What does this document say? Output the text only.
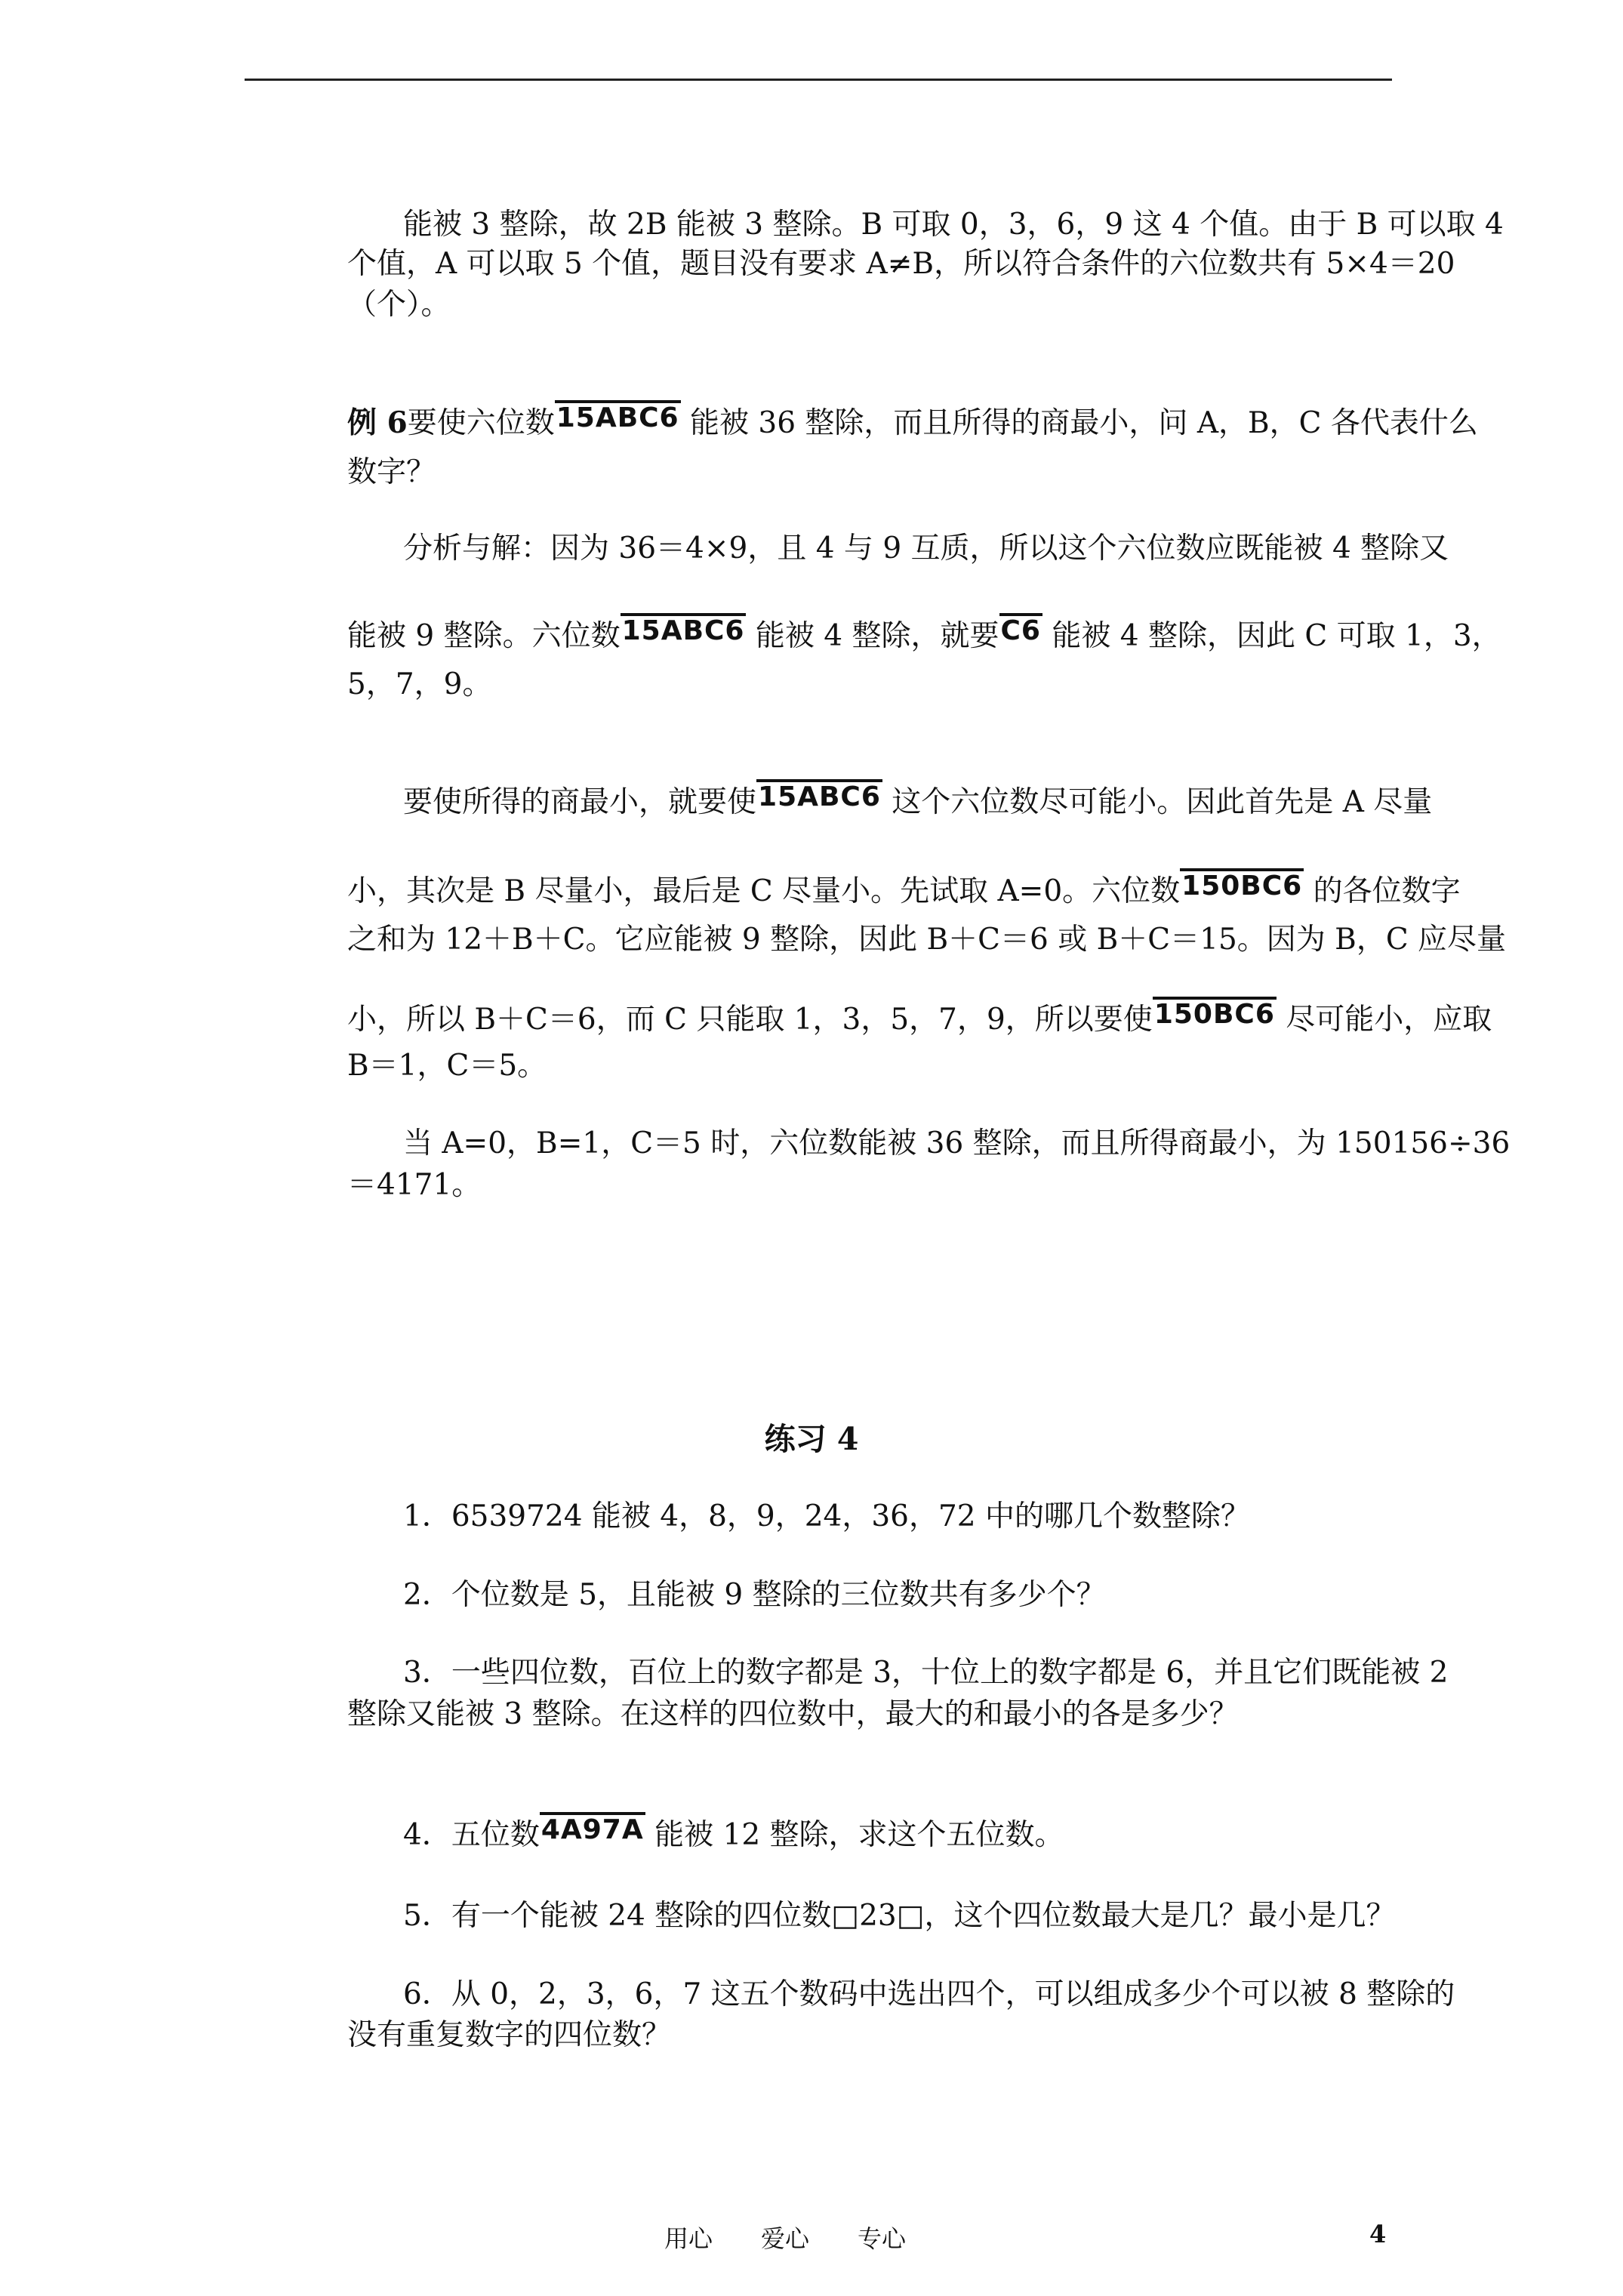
能被 3 整除，故 2B 能被 3 整除。B 可取 0，3，6，9 这 4 个值。由于 B 可以取 4
个值，A 可以取 5 个值，题目没有要求 A≠B，所以符合条件的六位数共有 5×4＝20
（个）。
例 6要使六位数15ABC6 能被 36 整除，而且所得的商最小，问 A，B，C 各代表什么
数字？
分析与解：因为 36＝4×9，且 4 与 9 互质，所以这个六位数应既能被 4 整除又
能被 9 整除。六位数15ABC6 能被 4 整除，就要C6 能被 4 整除，因此 C 可取 1，3，
5，7，9。
要使所得的商最小，就要使15ABC6 这个六位数尽可能小。因此首先是 A 尽量
小，其次是 B 尽量小，最后是 C 尽量小。先试取 A=0。六位数150BC6 的各位数字
之和为 12＋B＋C。它应能被 9 整除，因此 B＋C＝6 或 B＋C＝15。因为 B，C 应尽量
小，所以 B＋C＝6，而 C 只能取 1，3，5，7，9，所以要使150BC6 尽可能小，应取
B＝1，C＝5。
当 A=0，B=1，C＝5 时，六位数能被 36 整除，而且所得商最小，为 150156÷36
＝4171。
练习 4
1．6539724 能被 4，8，9，24，36，72 中的哪几个数整除？
2．个位数是 5，且能被 9 整除的三位数共有多少个？
3．一些四位数，百位上的数字都是 3，十位上的数字都是 6，并且它们既能被 2
整除又能被 3 整除。在这样的四位数中，最大的和最小的各是多少？
4．五位数4A97A 能被 12 整除，求这个五位数。
5．有一个能被 24 整除的四位数□23□，这个四位数最大是几？最小是几？
6．从 0，2，3，6，7 这五个数码中选出四个，可以组成多少个可以被 8 整除的
没有重复数字的四位数？
用心 爱心 专心	4
